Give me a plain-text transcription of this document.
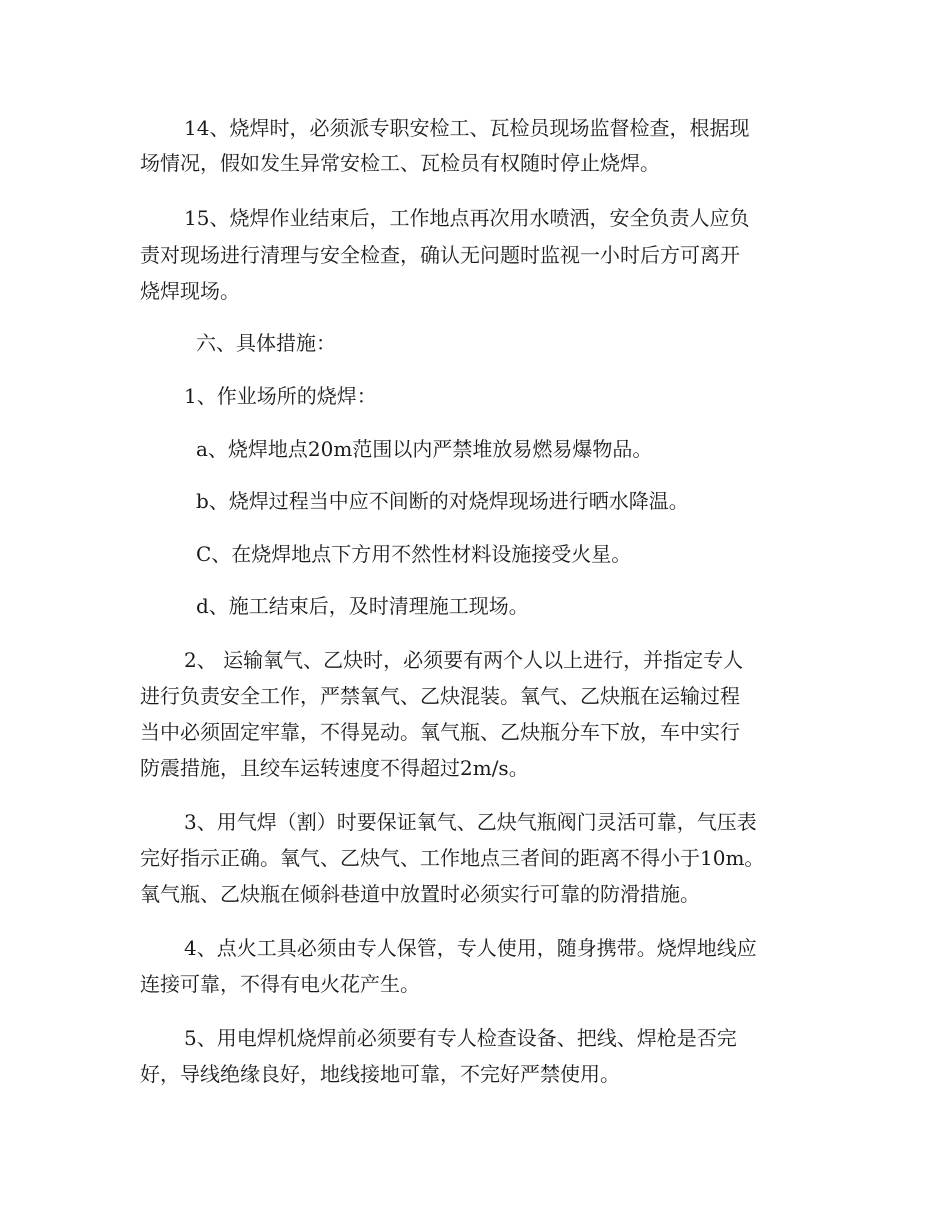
14、烧焊时，必须派专职安检工、瓦检员现场监督检查，根据现
场情况，假如发生异常安检工、瓦检员有权随时停止烧焊。
15、烧焊作业结束后，工作地点再次用水喷洒，安全负责人应负
责对现场进行清理与安全检查，确认无问题时监视一小时后方可离开
烧焊现场。
六、具体措施：
1、作业场所的烧焊：
a、烧焊地点20m范围以内严禁堆放易燃易爆物品。
b、烧焊过程当中应不间断的对烧焊现场进行晒水降温。
C、在烧焊地点下方用不然性材料设施接受火星。
d、施工结束后，及时清理施工现场。
2、 运输氧气、乙炔时，必须要有两个人以上进行，并指定专人
进行负责安全工作，严禁氧气、乙炔混装。氧气、乙炔瓶在运输过程
当中必须固定牢靠，不得晃动。氧气瓶、乙炔瓶分车下放，车中实行
防震措施，且绞车运转速度不得超过2m/s。
3、用气焊（割）时要保证氧气、乙炔气瓶阀门灵活可靠，气压表
完好指示正确。氧气、乙炔气、工作地点三者间的距离不得小于10m。
氧气瓶、乙炔瓶在倾斜巷道中放置时必须实行可靠的防滑措施。
4、点火工具必须由专人保管，专人使用，随身携带。烧焊地线应
连接可靠，不得有电火花产生。
5、用电焊机烧焊前必须要有专人检查设备、把线、焊枪是否完
好，导线绝缘良好，地线接地可靠，不完好严禁使用。
